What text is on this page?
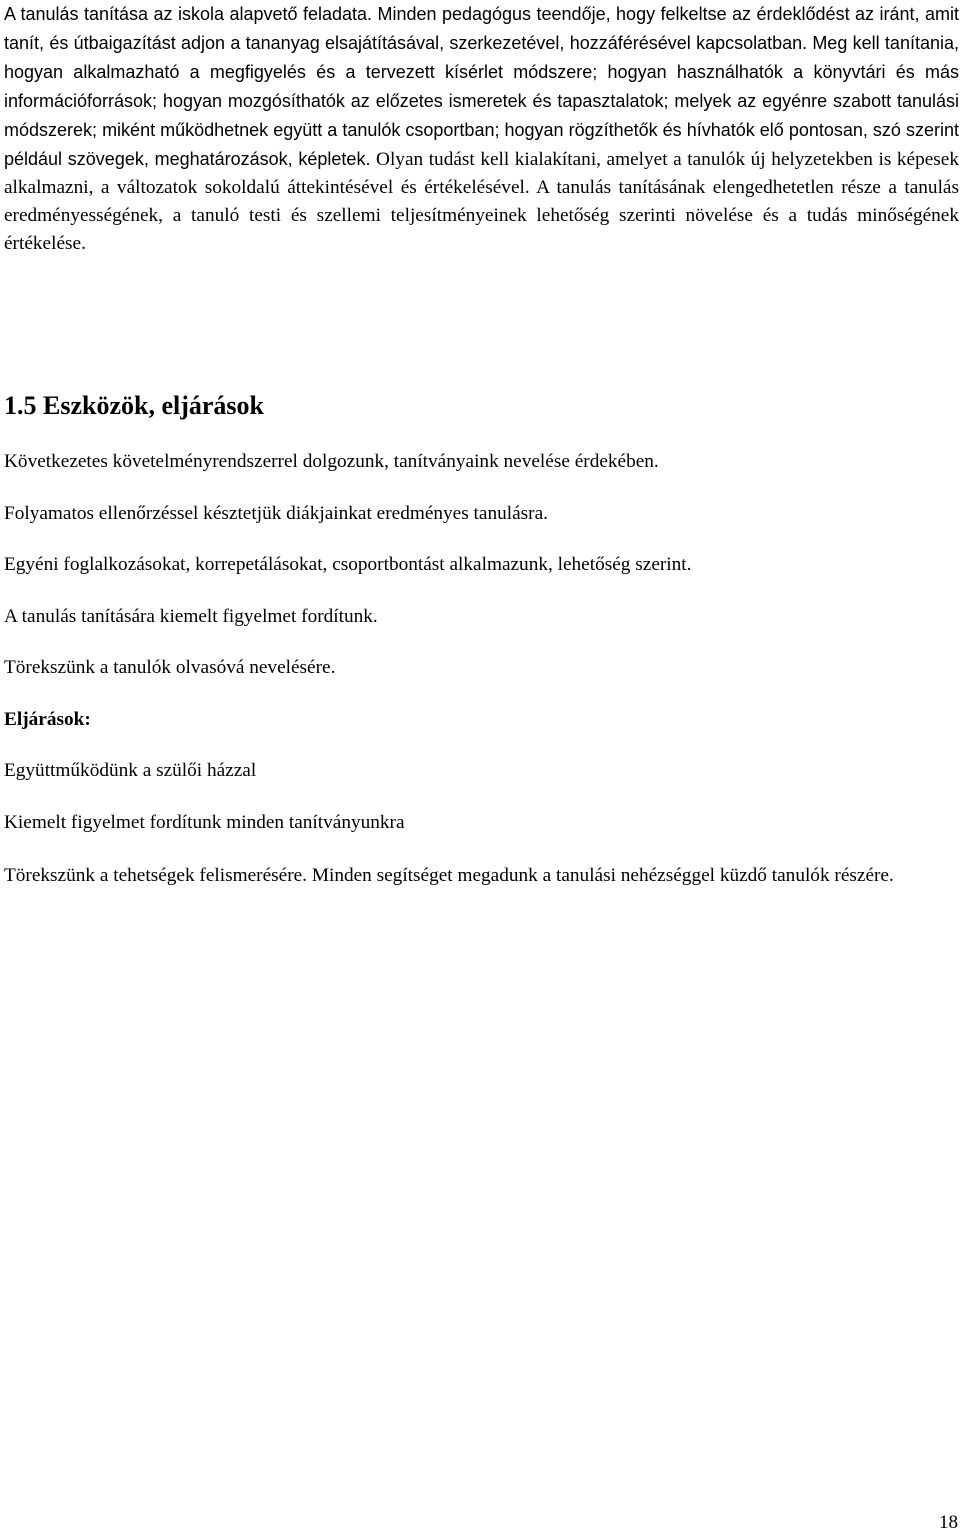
A tanulás tanítása az iskola alapvető feladata. Minden pedagógus teendője, hogy felkeltse az érdeklődést az iránt, amit tanít, és útbaigazítást adjon a tananyag elsajátításával, szerkezetével, hozzáférésével kapcsolatban. Meg kell tanítania, hogyan alkalmazható a megfigyelés és a tervezett kísérlet módszere; hogyan használhatók a könyvtári és más információforrások; hogyan mozgósíthatók az előzetes ismeretek és tapasztalatok; melyek az egyénre szabott tanulási módszerek; miként működhetnek együtt a tanulók csoportban; hogyan rögzíthetők és hívhatók elő pontosan, szó szerint például szövegek, meghatározások, képletek. Olyan tudást kell kialakítani, amelyet a tanulók új helyzetekben is képesek alkalmazni, a változatok sokoldalú áttekintésével és értékelésével. A tanulás tanításának elengedhetetlen része a tanulás eredményességének, a tanuló testi és szellemi teljesítményeinek lehetőség szerinti növelése és a tudás minőségének értékelése.

1.5 Eszközök, eljárások

Következetes követelményrendszerrel dolgozunk, tanítványaink nevelése érdekében.

Folyamatos ellenőrzéssel késztetjük diákjainkat eredményes tanulásra.

Egyéni foglalkozásokat, korrepetálásokat, csoportbontást alkalmazunk, lehetőség szerint.

A tanulás tanítására kiemelt figyelmet fordítunk.

Törekszünk a tanulók olvasóvá nevelésére.

Eljárások:

Együttműködünk a szülői házzal

Kiemelt figyelmet fordítunk minden tanítványunkra

Törekszünk a tehetségek felismerésére. Minden segítséget megadunk a tanulási nehézséggel küzdő tanulók részére.

18
